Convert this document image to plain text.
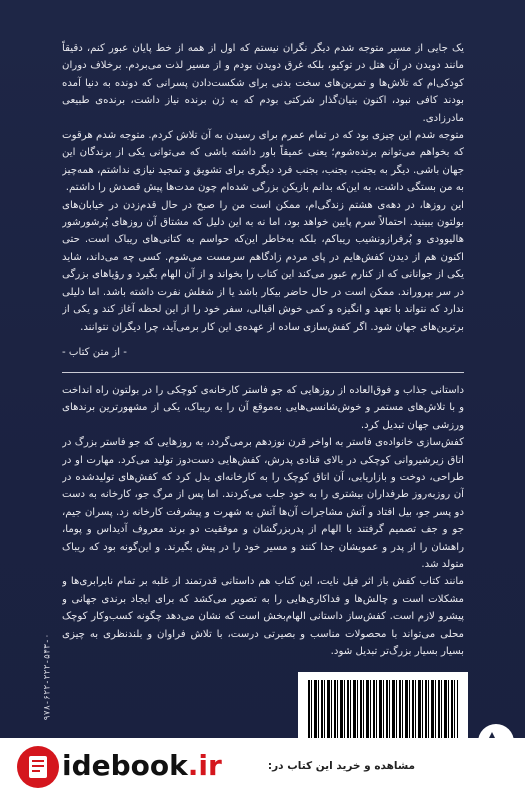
یک جایی از مسیر متوجه شدم دیگر نگران نیستم که اول از همه از خط پایان عبور کنم، دقیقاً مانند دویدن در آن هتل در توکیو، بلکه غرق دویدن بودم و از مسیر لذت می‌بردم. برخلاف دوران کودکی‌ام که تلاش‌ها و تمرین‌های سخت بدنی برای شکست‌دادن پسرانی که دونده به دنیا آمده بودند کافی نبود، اکنون بنیان‌گذار شرکتی بودم که به ژن برنده نیاز داشت، برنده‌ی طبیعی مادرزادی.

متوجه شدم این چیزی بود که در تمام عمرم برای رسیدن به آن تلاش کردم. متوجه شدم هرقوت که بخواهم می‌توانم برنده‌شوم؛ یعنی عمیقاً باور داشته باشی که می‌توانی یکی از برندگان این جهان باشی. دیگر به بجنب، بجنب، بجنب فرد دیگری برای تشویق و تمجید نیازی نداشتم، همه‌چیز به من بستگی داشت، به این‌که بدانم بازیکن بزرگی شده‌ام چون مدت‌ها پیش قصدش را داشتم.

این روزها، در دهه‌ی هشتم زندگی‌ام، ممکن است من را صبح در حال قدم‌زدن در خیابان‌های بولتون ببینید. احتمالاً سرم پایین خواهد بود، اما نه به این دلیل که مشتاق آن روزهای پُرشورشور هالیوودی و پُرفرازونشیب ریباکم، بلکه به‌خاطر این‌که حواسم به کتانی‌های ریباک است. حتی اکنون هم از دیدن کفش‌هایم در پای مردم زادگاهم سرمست می‌شوم. کسی چه می‌داند، شاید یکی از جوانانی که از کنارم عبور می‌کند این کتاب را بخواند و از آن الهام بگیرد و رؤیاهای بزرگی در سر بپروراند. ممکن است در حال حاضر بیکار باشد یا از شغلش نفرت داشته باشد. اما دلیلی ندارد که نتواند با تعهد و انگیزه و کمی خوش اقبالی، سفر خود را از این لحظه آغاز کند و یکی از برترین‌های جهان شود. اگر کفش‌سازی ساده از عهده‌ی این کار برمی‌آید، چرا دیگران نتوانند.

- از متن کتاب -

داستانی جذاب و فوق‌العاده از روزهایی که جو فاستر کارخانه‌ی کوچکی را در بولتون راه انداخت و با تلاش‌های مستمر و خوش‌شانسی‌هایی به‌موقع آن را به ریباک، یکی از مشهورترین برندهای ورزشی جهان تبدیل کرد.

کفش‌سازی خانواده‌ی فاستر به اواخر قرن نوزدهم برمی‌گردد، به روزهایی که جو فاستر بزرگ در اتاق زیرشیروانی کوچکی در بالای قنادی پدرش، کفش‌هایی دست‌دوز تولید می‌کرد. مهارت او در طراحی، دوخت و بازاریابی، آن اتاق کوچک را به کارخانه‌ای بدل کرد که کفش‌های تولیدشده در آن روزبه‌روز طرفداران بیشتری را به خود جلب می‌کردند. اما پس از مرگ جو، کارخانه به دست دو پسر جو، بیل افتاد و آتش مشاجرات آن‌ها آتش به شهرت و پیشرفت کارخانه زد. پسران جیم، جو و جف تصمیم گرفتند با الهام از پدربزرگشان و موفقیت دو برند معروف آدیداس و پوما، راهشان را از پدر و عمویشان جدا کنند و مسیر خود را در پیش بگیرند. و این‌گونه بود که ریباک متولد شد.

مانند کتاب کفش باز اثر فیل نایت، این کتاب هم داستانی قدرتمند از غلبه بر تمام نابرابری‌ها و مشکلات است و چالش‌ها و فداکاری‌هایی را به تصویر می‌کشد که برای ایجاد برندی جهانی و پیشرو لازم است. کفش‌ساز داستانی الهام‌بخش است که نشان می‌دهد چگونه کسب‌وکار کوچک محلی می‌تواند با محصولات مناسب و بصیرتی درست، با تلاش فراوان و بلندنظری به چیزی بسیار بسیار بزرگ‌تر تبدیل شود.

۹۷۸-۶۲۲-۲۲۲-۵۴۳-۰
idebook.ir	مشاهده و خرید این کتاب در:
